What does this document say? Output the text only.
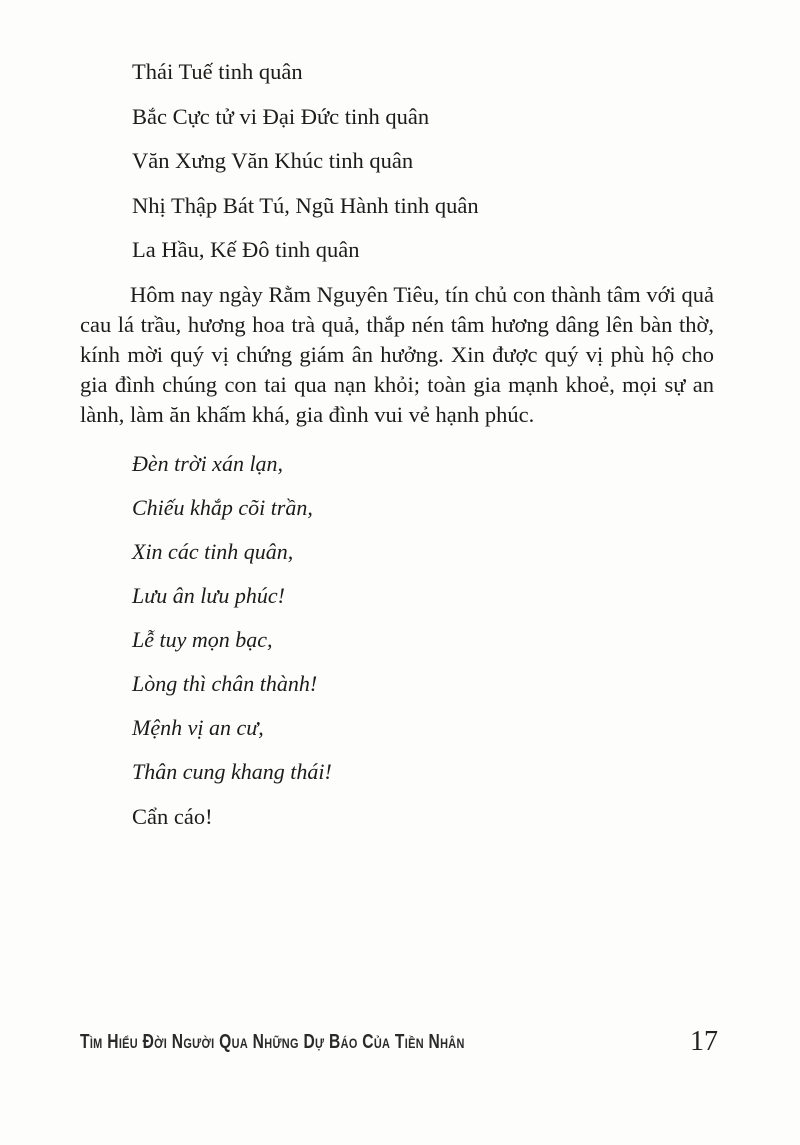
Thái Tuế tinh quân

Bắc Cực tử vi Đại Đức tinh quân

Văn Xưng Văn Khúc tinh quân

Nhị Thập Bát Tú, Ngũ Hành tinh quân

La Hầu, Kế Đô tinh quân

Hôm nay ngày Rằm Nguyên Tiêu, tín chủ con thành tâm với quả cau lá trầu, hương hoa trà quả, thắp nén tâm hương dâng lên bàn thờ, kính mời quý vị chứng giám ân hưởng. Xin được quý vị phù hộ cho gia đình chúng con tai qua nạn khỏi; toàn gia mạnh khoẻ, mọi sự an lành, làm ăn khấm khá, gia đình vui vẻ hạnh phúc.

Đèn trời xán lạn,

Chiếu khắp cõi trần,

Xin các tinh quân,

Lưu ân lưu phúc!

Lễ tuy mọn bạc,

Lòng thì chân thành!

Mệnh vị an cư,

Thân cung khang thái!

Cẩn cáo!

Tìm Hiểu Đời Người Qua Những Dự Báo Của Tiền Nhân	17
